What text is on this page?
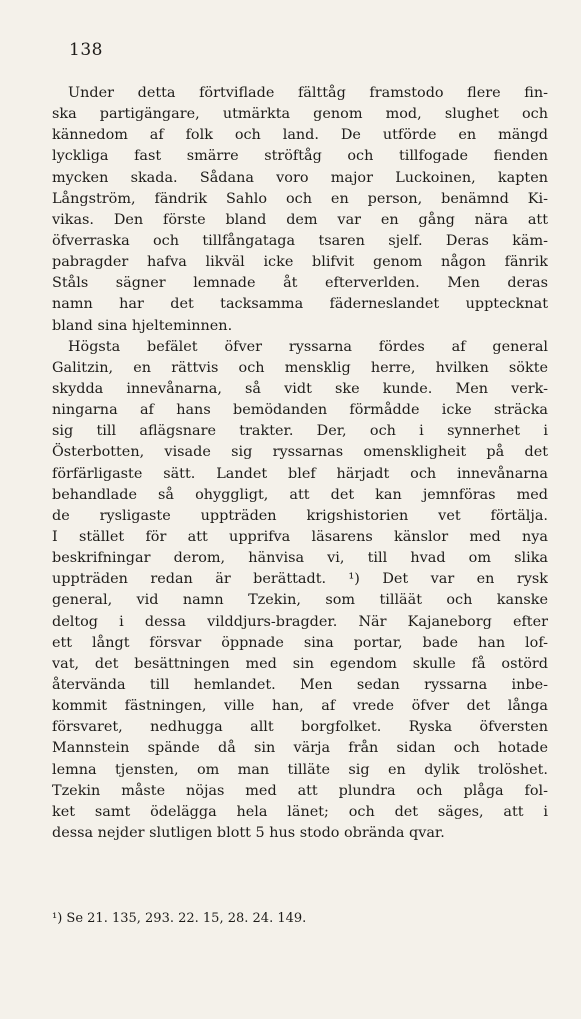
138
Under detta förtviflade fälttåg framstodo flere fin-
ska partigängare, utmärkta genom mod, slughet och
kännedom af folk och land. De utförde en mängd
lyckliga fast smärre ströftåg och tillfogade fienden
mycken skada. Sådana voro major Luckoinen, kapten
Långström, fändrik Sahlo och en person, benämnd Ki-
vikas. Den förste bland dem var en gång nära att
öfverraska och tillfångataga tsaren sjelf. Deras käm-
pabragder hafva likväl icke blifvit genom någon fänrik
Ståls sägner lemnade åt efterverlden. Men deras
namn har det tacksamma fäderneslandet upptecknat
bland sina hjelteminnen.
Högsta befälet öfver ryssarna fördes af general
Galitzin, en rättvis och mensklig herre, hvilken sökte
skydda innevånarna, så vidt ske kunde. Men verk-
ningarna af hans bemödanden förmådde icke sträcka
sig till aflägsnare trakter. Der, och i synnerhet i
Österbotten, visade sig ryssarnas omenskligheit på det
förfärligaste sätt. Landet blef härjadt och innevånarna
behandlade så ohyggligt, att det kan jemnföras med
de rysligaste uppträden krigshistorien vet förtälja.
I stället för att upprifva läsarens känslor med nya
beskrifningar derom, hänvisa vi, till hvad om slika
uppträden redan är berättadt. ¹) Det var en rysk
general, vid namn Tzekin, som tilläät och kanske
deltog i dessa vilddjurs-bragder. När Kajaneborg efter
ett långt försvar öppnade sina portar, bade han lof-
vat, det besättningen med sin egendom skulle få ostörd
återvända till hemlandet. Men sedan ryssarna inbe-
kommit fästningen, ville han, af vrede öfver det långa
försvaret, nedhugga allt borgfolket. Ryska öfversten
Mannstein spände då sin värja från sidan och hotade
lemna tjensten, om man tilläte sig en dylik trolöshet.
Tzekin måste nöjas med att plundra och plåga fol-
ket samt ödelägga hela länet; och det säges, att i
dessa nejder slutligen blott 5 hus stodo obrända qvar.
¹) Se 21. 135, 293. 22. 15, 28. 24. 149.
